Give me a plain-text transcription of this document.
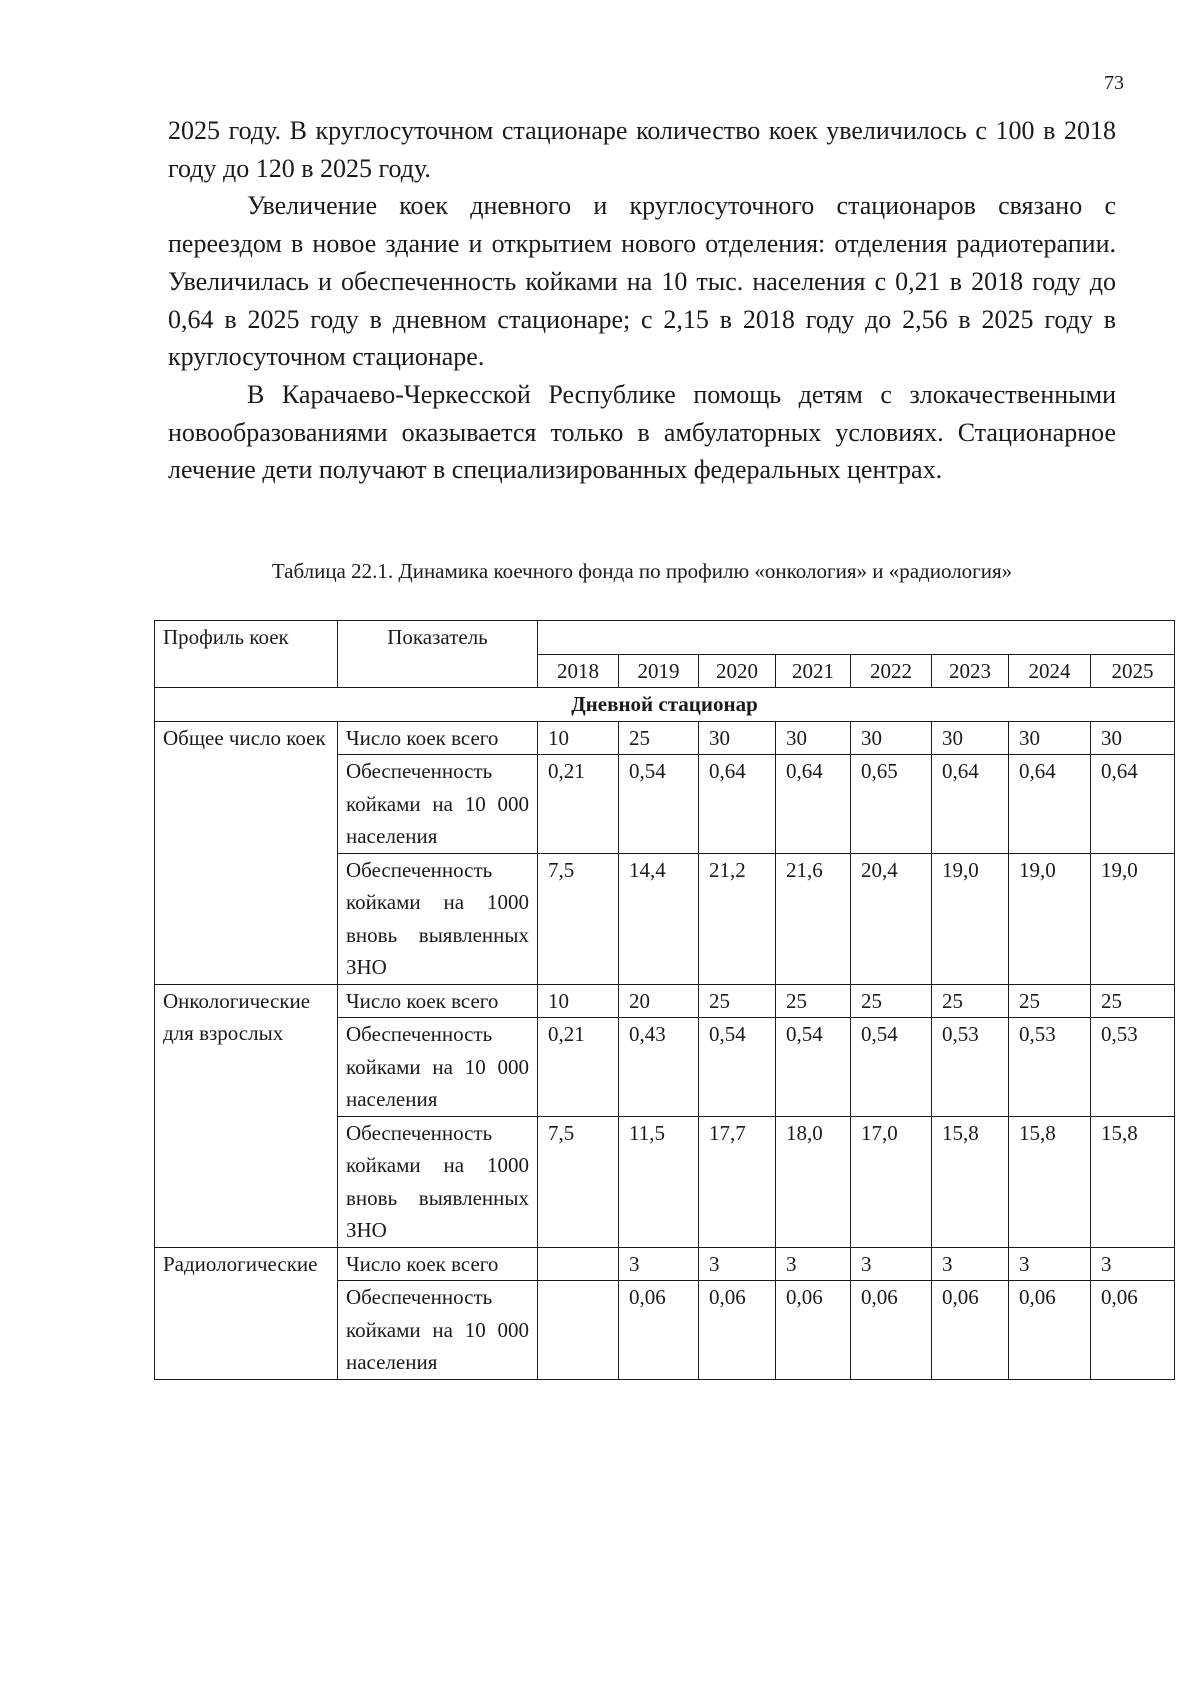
73

2025 году. В круглосуточном стационаре количество коек увеличилось с 100 в 2018 году до 120 в 2025 году.

Увеличение коек дневного и круглосуточного стационаров связано с переездом в новое здание и открытием нового отделения: отделения радиотерапии. Увеличилась и обеспеченность койками на 10 тыс. населения с 0,21 в 2018 году до 0,64 в 2025 году в дневном стационаре; с 2,15 в 2018 году до 2,56 в 2025 году в круглосуточном стационаре.

В Карачаево-Черкесской Республике помощь детям с злокачественными новообразованиями оказывается только в амбулаторных условиях. Стационарное лечение дети получают в специализированных федеральных центрах.

Таблица 22.1. Динамика коечного фонда по профилю «онкология» и «радиология»
Профиль коек	Показатель								
		2018	2019	2020	2021	2022	2023	2024	2025
Дневной стационар									
Общее число коек	Число коек всего	10	25	30	30	30	30	30	30
	Обеспеченность койками на 10 000 населения	0,21	0,54	0,64	0,64	0,65	0,64	0,64	0,64
	Обеспеченность койками на 1000 вновь выявленных ЗНО	7,5	14,4	21,2	21,6	20,4	19,0	19,0	19,0
Онкологические для взрослых	Число коек всего	10	20	25	25	25	25	25	25
	Обеспеченность койками на 10 000 населения	0,21	0,43	0,54	0,54	0,54	0,53	0,53	0,53
	Обеспеченность койками на 1000 вновь выявленных ЗНО	7,5	11,5	17,7	18,0	17,0	15,8	15,8	15,8
Радиологические	Число коек всего		3	3	3	3	3	3	3
	Обеспеченность койками на 10 000 населения		0,06	0,06	0,06	0,06	0,06	0,06	0,06
